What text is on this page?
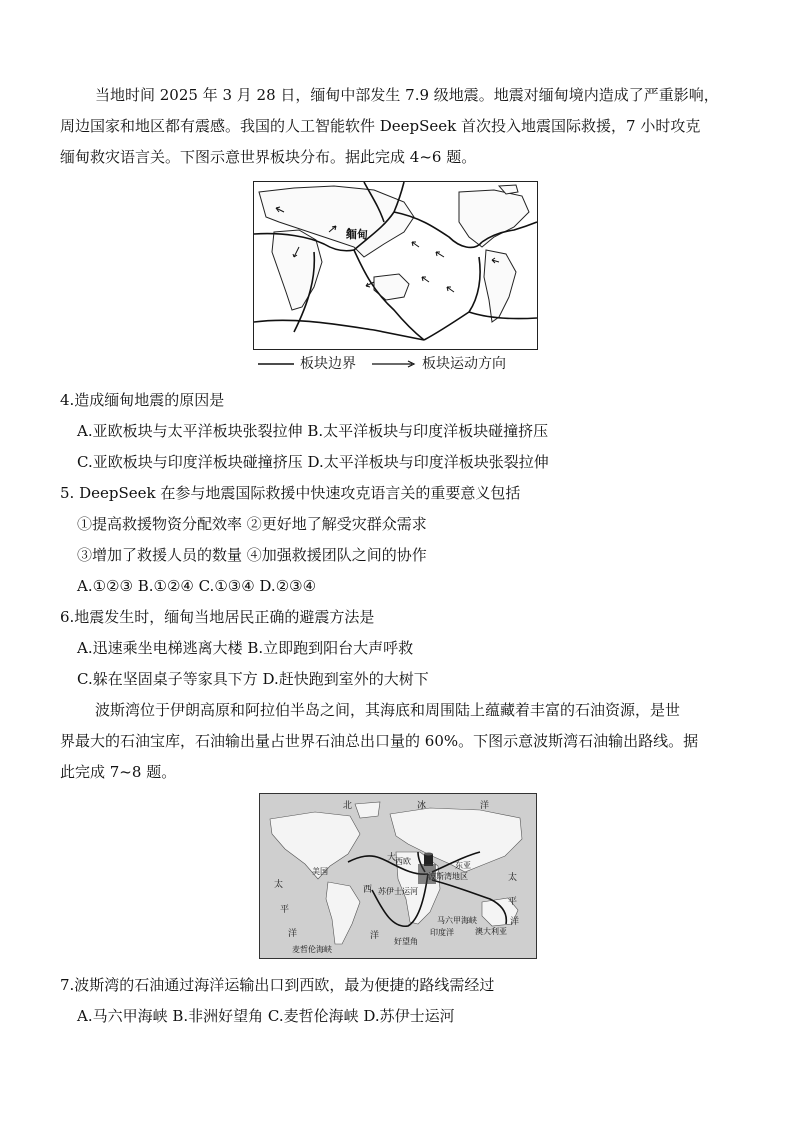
当地时间 2025 年 3 月 28 日，缅甸中部发生 7.9 级地震。地震对缅甸境内造成了严重影响，
周边国家和地区都有震感。我国的人工智能软件 DeepSeek 首次投入地震国际救援，7 小时攻克
缅甸救灾语言关。下图示意世界板块分布。据此完成 4~6 题。
缅甸
板块边界	板块运动方向
4.造成缅甸地震的原因是
A.亚欧板块与太平洋板块张裂拉伸 B.太平洋板块与印度洋板块碰撞挤压
C.亚欧板块与印度洋板块碰撞挤压 D.太平洋板块与印度洋板块张裂拉伸
5. DeepSeek 在参与地震国际救援中快速攻克语言关的重要意义包括
①提高救援物资分配效率 ②更好地了解受灾群众需求
③增加了救援人员的数量 ④加强救援团队之间的协作
A.①②③ B.①②④ C.①③④ D.②③④
6.地震发生时，缅甸当地居民正确的避震方法是
A.迅速乘坐电梯逃离大楼 B.立即跑到阳台大声呼救
C.躲在坚固桌子等家具下方 D.赶快跑到室外的大树下
波斯湾位于伊朗高原和阿拉伯半岛之间，其海底和周围陆上蕴藏着丰富的石油资源，是世
界最大的石油宝库，石油输出量占世界石油总出口量的 60%。下图示意波斯湾石油输出路线。据
此完成 7~8 题。
北	冰	洋
美国
西欧	东亚
波斯湾地区
苏伊士运河
马六甲海峡
印度洋	澳大利亚
好望角
麦哲伦海峡
大
西
洋
太
平
洋
太
平
洋
7.波斯湾的石油通过海洋运输出口到西欧，最为便捷的路线需经过
A.马六甲海峡 B.非洲好望角 C.麦哲伦海峡 D.苏伊士运河
